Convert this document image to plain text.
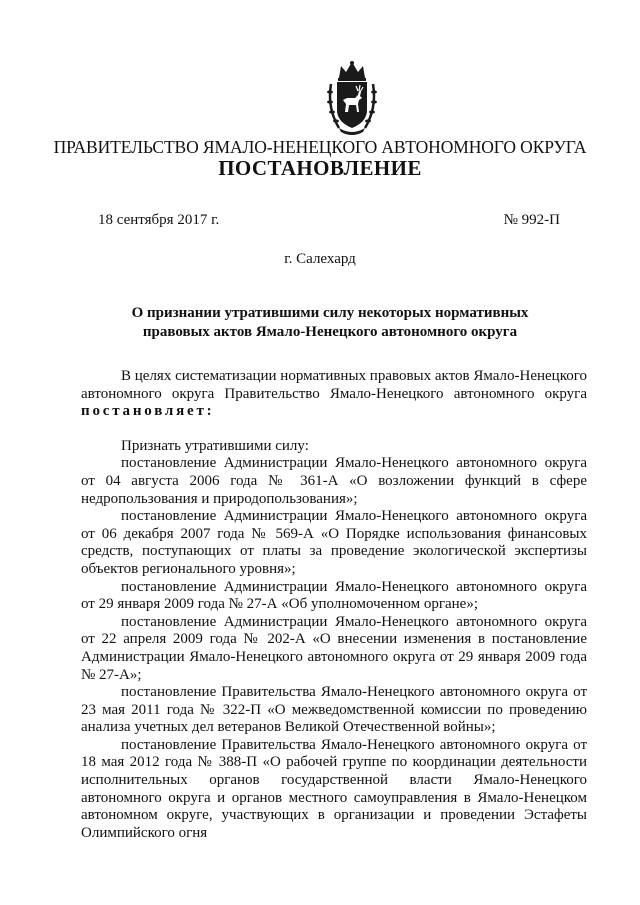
ПРАВИТЕЛЬСТВО ЯМАЛО-НЕНЕЦКОГО АВТОНОМНОГО ОКРУГА
ПОСТАНОВЛЕНИЕ
18 сентября 2017 г.	№ 992-П
г. Салехард
О признании утратившими силу некоторых нормативных
правовых актов Ямало-Ненецкого автономного округа

В целях систематизации нормативных правовых актов Ямало-Ненецкого автономного округа Правительство Ямало-Ненецкого автономного округа постановляет:

Признать утратившими силу:

постановление Администрации Ямало-Ненецкого автономного округа от 04 августа 2006 года № 361-А «О возложении функций в сфере недропользования и природопользования»;

постановление Администрации Ямало-Ненецкого автономного округа от 06 декабря 2007 года № 569-А «О Порядке использования финансовых средств, поступающих от платы за проведение экологической экспертизы объектов регионального уровня»;

постановление Администрации Ямало-Ненецкого автономного округа от 29 января 2009 года № 27-А «Об уполномоченном органе»;

постановление Администрации Ямало-Ненецкого автономного округа от 22 апреля 2009 года № 202-А «О внесении изменения в постановление Администрации Ямало-Ненецкого автономного округа от 29 января 2009 года № 27-А»;

постановление Правительства Ямало-Ненецкого автономного округа от 23 мая 2011 года № 322-П «О межведомственной комиссии по проведению анализа учетных дел ветеранов Великой Отечественной войны»;

постановление Правительства Ямало-Ненецкого автономного округа от 18 мая 2012 года № 388-П «О рабочей группе по координации деятельности исполнительных органов государственной власти Ямало-Ненецкого автономного округа и органов местного самоуправления в Ямало-Ненецком автономном округе, участвующих в организации и проведении Эстафеты Олимпийского огня
